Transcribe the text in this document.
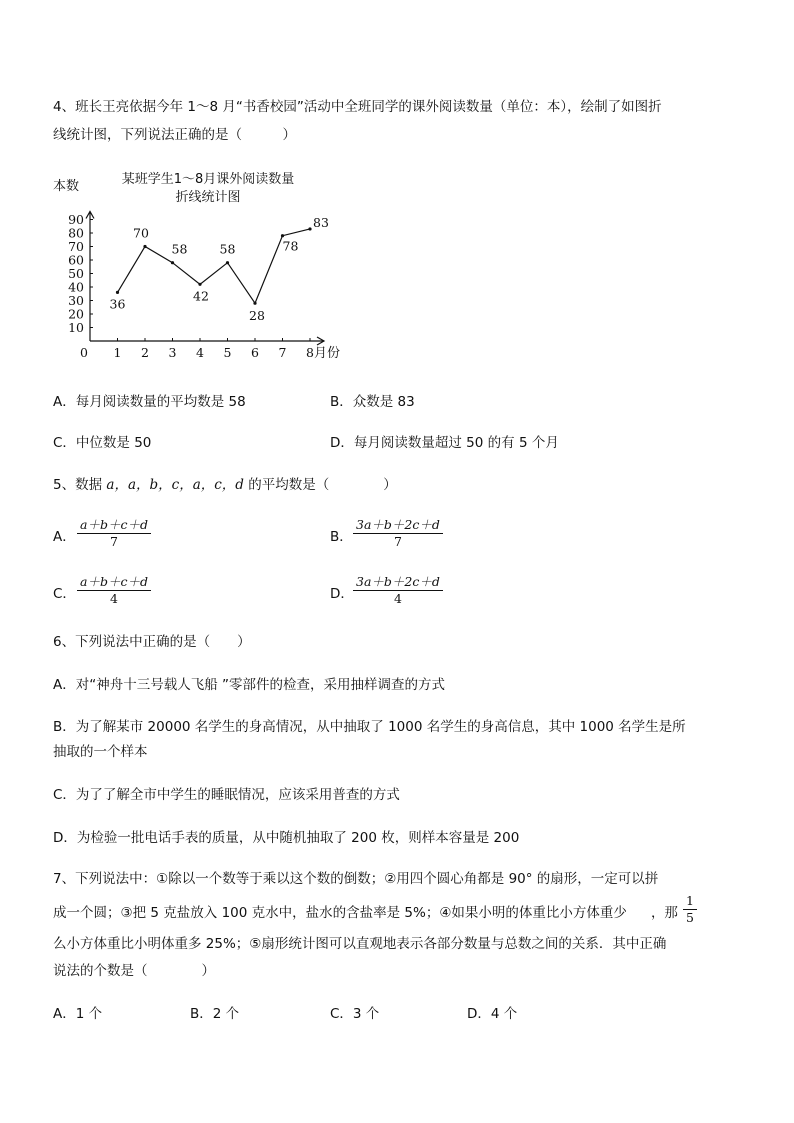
4、班长王亮依据今年 1～8 月“书香校园”活动中全班同学的课外阅读数量（单位：本），绘制了如图折
线统计图，下列说法正确的是（　　　）
某班学生1～8月课外阅读数量
折线统计图
本数
月份
10
20
30
40
50
60
70
80
90
0 1 2 3 4 5 6 7 8
36
70
58
42
58
28
78
83
A．每月阅读数量的平均数是 58	B．众数是 83
C．中位数是 50	D．每月阅读数量超过 50 的有 5 个月
5、数据 a，a，b，c，a，c，d 的平均数是（　　　　）
A． $\frac{a+b+c+d}{7}$	B． $\frac{3a+b+2c+d}{7}$
C． $\frac{a+b+c+d}{4}$	D． $\frac{3a+b+2c+d}{4}$
6、下列说法中正确的是（　　）
A．对“神舟十三号载人飞船 ”零部件的检查，采用抽样调查的方式
B．为了解某市 20000 名学生的身高情况，从中抽取了 1000 名学生的身高信息，其中 1000 名学生是所
抽取的一个样本
C．为了了解全市中学生的睡眠情况，应该采用普查的方式
D．为检验一批电话手表的质量，从中随机抽取了 200 枚，则样本容量是 200
7、下列说法中：①除以一个数等于乘以这个数的倒数；②用四个圆心角都是 90° 的扇形，一定可以拼
成一个圆；③把 5 克盐放入 100 克水中，盐水的含盐率是 5%；④如果小明的体重比小方体重少 ，那 $\frac{1}{5}$
么小方体重比小明体重多 25%；⑤扇形统计图可以直观地表示各部分数量与总数之间的关系．其中正确
说法的个数是（　　　　）
A．1 个	B．2 个	C．3 个	D．4 个
